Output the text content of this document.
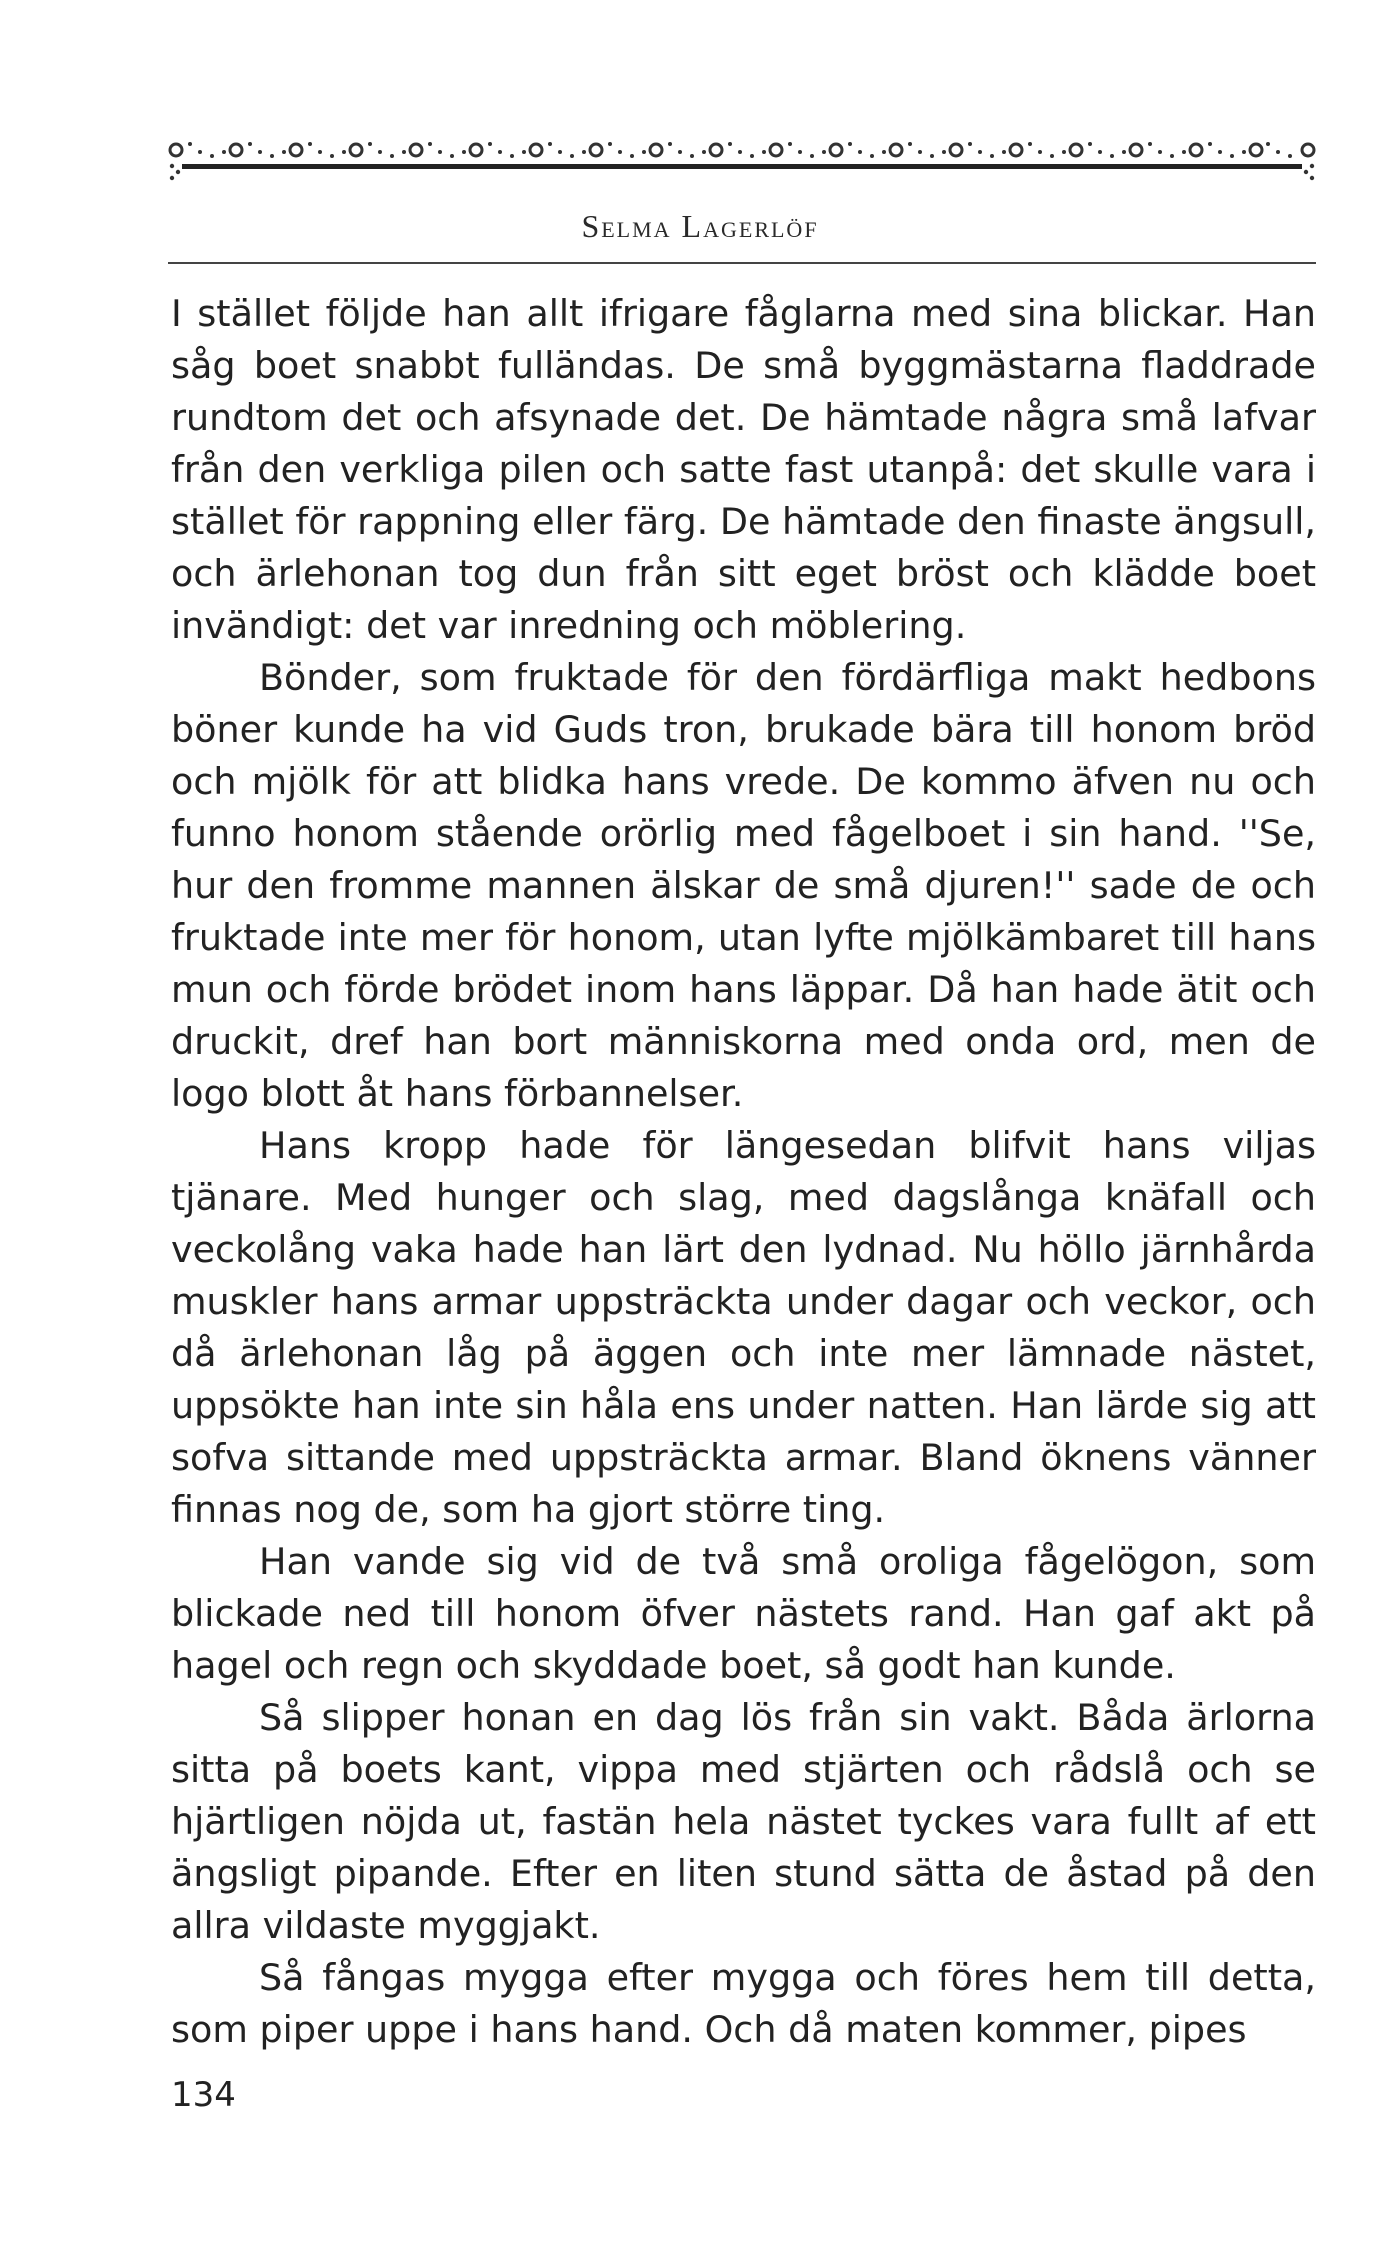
Selma Lagerlöf

I stället följde han allt ifrigare fåglarna med sina blickar. Han såg boet snabbt fulländas. De små byggmästarna fladdrade rundtom det och afsynade det. De hämtade några små lafvar från den verkliga pilen och satte fast utanpå: det skulle vara i stället för rappning eller färg. De hämtade den finaste ängsull, och ärlehonan tog dun från sitt eget bröst och klädde boet invändigt: det var inredning och möblering.

Bönder, som fruktade för den fördärfliga makt hedbons böner kunde ha vid Guds tron, brukade bära till honom bröd och mjölk för att blidka hans vrede. De kommo äfven nu och funno honom stående orörlig med fågelboet i sin hand. ''Se, hur den fromme mannen älskar de små djuren!'' sade de och fruktade inte mer för honom, utan lyfte mjölkämbaret till hans mun och förde brödet inom hans läppar. Då han hade ätit och druckit, dref han bort människorna med onda ord, men de logo blott åt hans förbannelser.

Hans kropp hade för längesedan blifvit hans viljas tjänare. Med hunger och slag, med dagslånga knäfall och veckolång vaka hade han lärt den lydnad. Nu höllo järnhårda muskler hans armar uppsträckta under dagar och veckor, och då ärlehonan låg på äggen och inte mer lämnade nästet, uppsökte han inte sin håla ens under natten. Han lärde sig att sofva sittande med uppsträckta armar. Bland öknens vänner finnas nog de, som ha gjort större ting.

Han vande sig vid de två små oroliga fågelögon, som blickade ned till honom öfver nästets rand. Han gaf akt på hagel och regn och skyddade boet, så godt han kunde.

Så slipper honan en dag lös från sin vakt. Båda ärlorna sitta på boets kant, vippa med stjärten och rådslå och se hjärtligen nöjda ut, fastän hela nästet tyckes vara fullt af ett ängsligt pipande. Efter en liten stund sätta de åstad på den allra vildaste myggjakt.

Så fångas mygga efter mygga och föres hem till detta, som piper uppe i hans hand. Och då maten kommer, pipes

134
